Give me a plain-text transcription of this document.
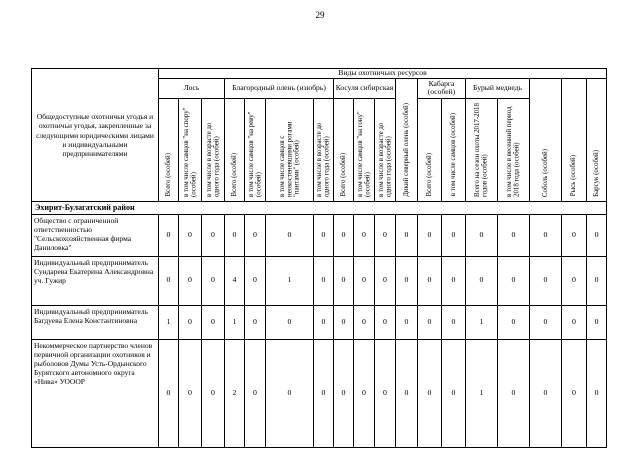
29
Общедоступные охотничьи угодья и охотничьи угодья, закрепленные за следующими юридическими лицами и индивидуальными предпринимателями	Виды охотничьих ресурсов																	
	Лось			Благородный олень (изюбрь)				Косуля сибирская			Дикий северный олень (особей)	Кабарга (особей)		Бурый медведь		Соболь (особей)	Рысь (особей)	Барсук (особей)
	Всего (особей)	в том числе самцов "на спору" (особей)	в том числе в возрасте до одного года (особей)	Всего (особей)	в том числе самцов "на реву" (особей)	в том числе самцов с неокостеневшими рогами "пантами" (особей)	в том числе в возрасте до одного года (особей)	Всего (особей)	в том числе самцов "на гону" (особей)	в том числе в возрасте до одного года (особей)		Всего (особей)	в том числе самцов (особей)	Всего на сезон охоты 2017-2018 годов (особей)	в том числе в весенний период 2018 года (особей)			
Эхирит-Булагатский район																		
Общество с ограниченной ответственностью "Сельскохозяйственная фирма Даниловка"	0	0	0	0	0	0	0	0	0	0	0	0	0	0	0	0	0	0
Индивидуальный предприниматель Сундарева Екатерина Александровна уч. Гужир	0	0	0	4	0	1	0	0	0	0	0	0	0	0	0	0	0	0
Индивидуальный предприниматель Багдуева Елена Константиновна	1	0	0	1	0	0	0	0	0	0	0	0	0	1	0	0	0	0
Некоммерческое партнерство членов первичной организации охотников и рыболовов Думы Усть-Ордынского Бурятского автономного округа «Нива» УООOР	0	0	0	2	0	0	0	0	0	0	0	0	0	1	0	0	0	0
